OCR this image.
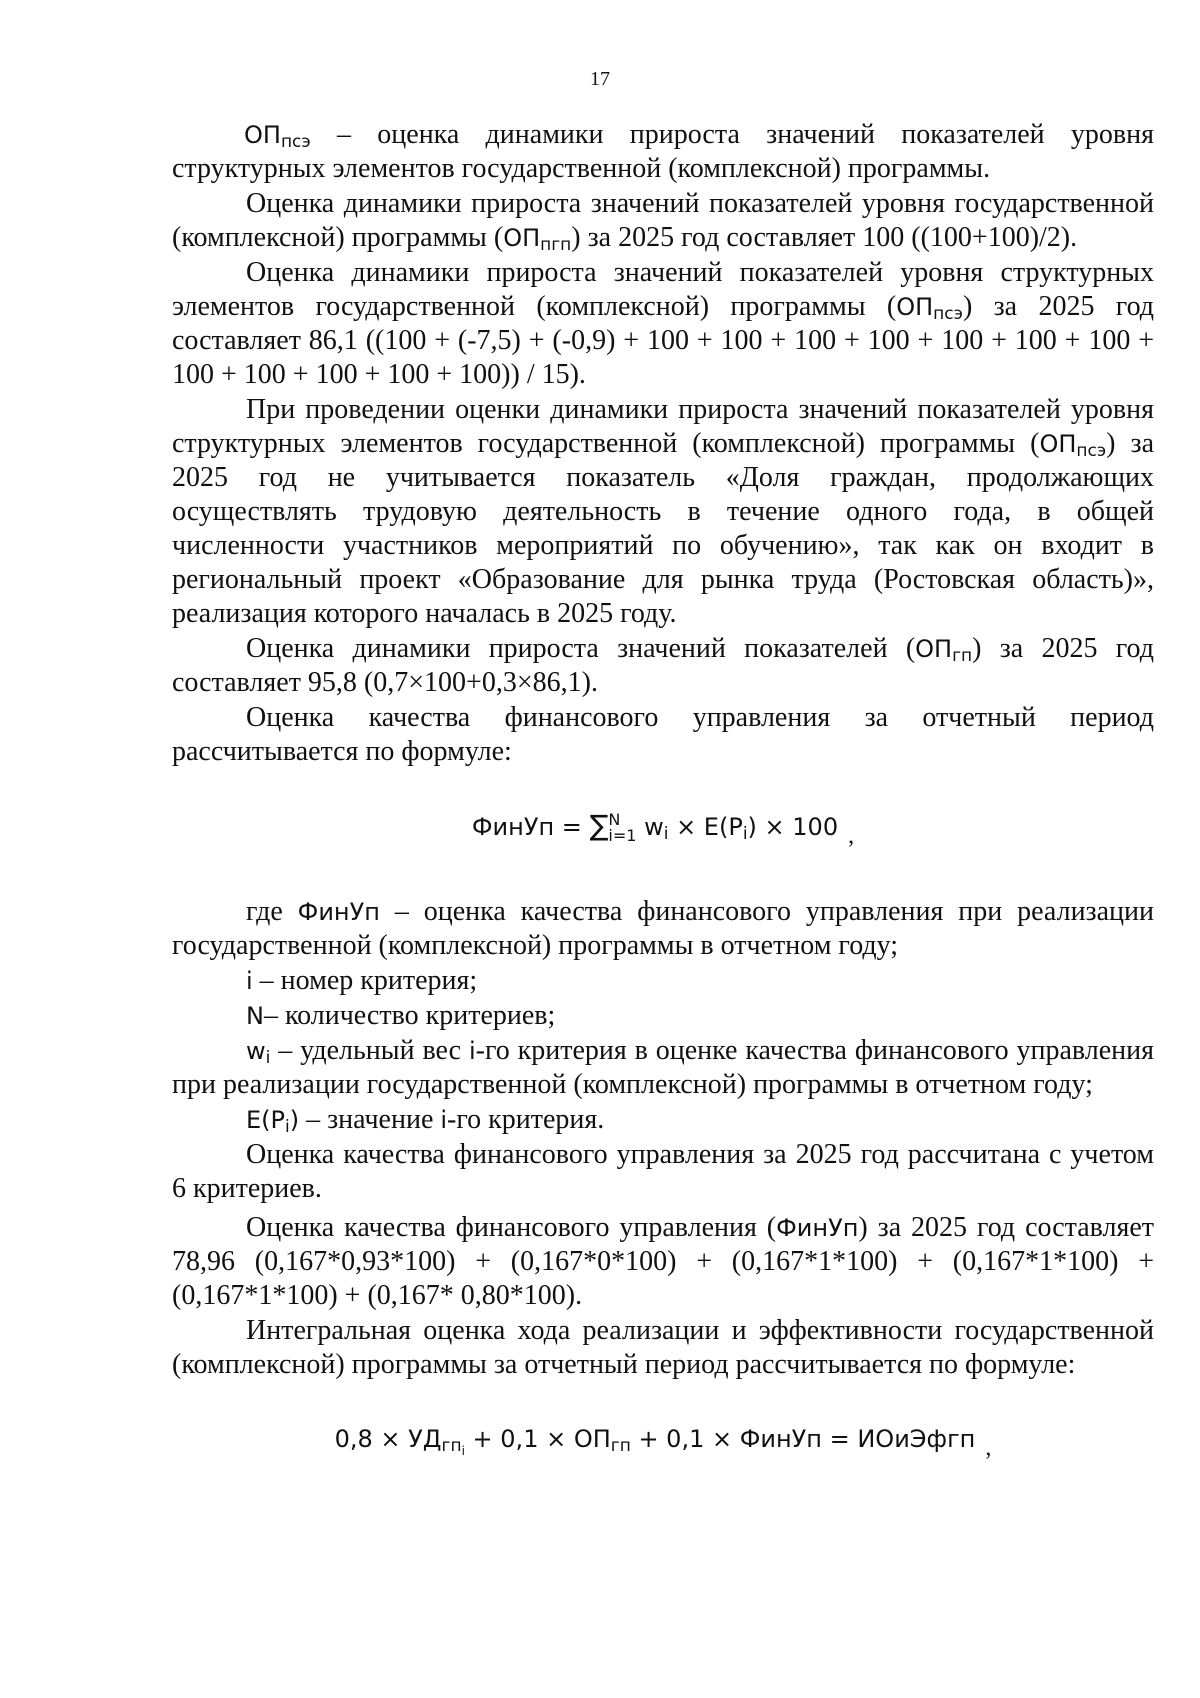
17

$ОП_{псэ}$ – оценка динамики прироста значений показателей уровня структурных элементов государственной (комплексной) программы.

Оценка динамики прироста значений показателей уровня государственной (комплексной) программы $(ОП_{пгп})$ за 2025 год составляет 100 ((100+100)/2).

Оценка динамики прироста значений показателей уровня структурных элементов государственной (комплексной) программы $(ОП_{псэ})$ за 2025 год составляет 86,1 ((100 + (-7,5) + (-0,9) + 100 + 100 + 100 + 100 + 100 + 100 + 100 + 100 + 100 + 100 + 100 + 100)) / 15).

При проведении оценки динамики прироста значений показателей уровня структурных элементов государственной (комплексной) программы $(ОП_{псэ})$ за 2025 год не учитывается показатель «Доля граждан, продолжающих осуществлять трудовую деятельность в течение одного года, в общей численности участников мероприятий по обучению», так как он входит в региональный проект «Образование для рынка труда (Ростовская область)», реализация которого началась в 2025 году.

Оценка динамики прироста значений показателей $(ОП_{гп})$ за 2025 год составляет 95,8 (0,7×100+0,3×86,1).

Оценка качества финансового управления за отчетный период рассчитывается по формуле:

ФинУп = ∑ N
i=1 $w_i \times E(P_i) \times 100$ ,

где ФинУп – оценка качества финансового управления при реализации государственной (комплексной) программы в отчетном году;

i – номер критерия;

N– количество критериев;

$w_i$ – удельный вес i-го критерия в оценке качества финансового управления при реализации государственной (комплексной) программы в отчетном году;

$E(P_i)$ – значение i-го критерия.

Оценка качества финансового управления за 2025 год рассчитана с учетом 6 критериев.

Оценка качества финансового управления (ФинУп) за 2025 год составляет 78,96 (0,167*0,93*100) + (0,167*0*100) + (0,167*1*100) + (0,167*1*100) + (0,167*1*100) + (0,167* 0,80*100).

Интегральная оценка хода реализации и эффективности государственной (комплексной) программы за отчетный период рассчитывается по формуле:

$0,8 \times УД_{гп_i} + 0,1 \times ОП_{гп} + 0,1$ × ФинУп = ИОиЭфгп ,
